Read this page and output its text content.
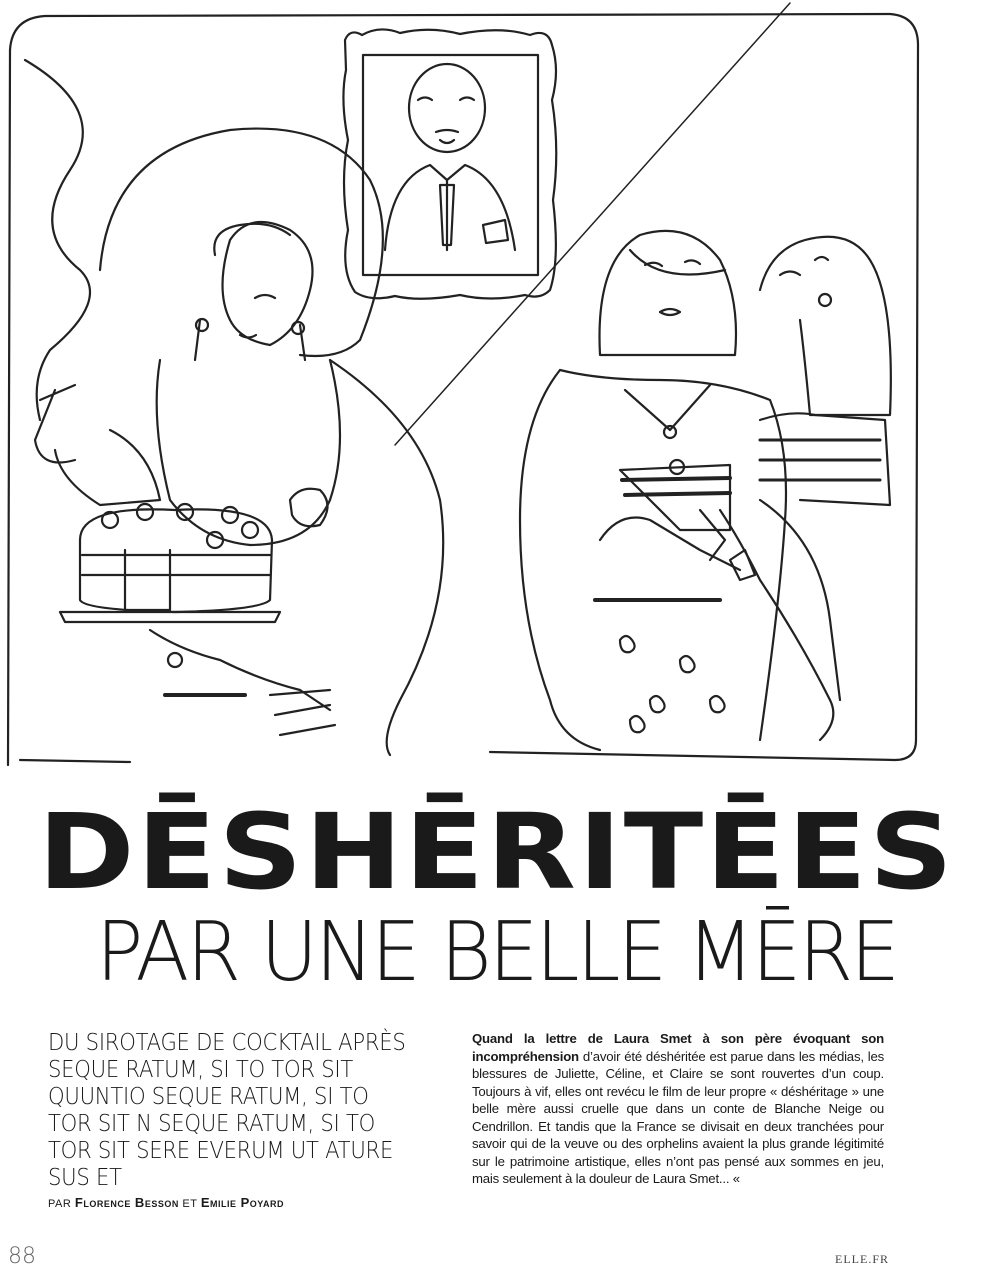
DĒSHĒRITĒES
PAR UNE BELLE MĒRE
DU SIROTAGE DE COCKTAIL APRÈS SEQUE RATUM, SI TO TOR SIT QUUNTIO SEQUE RATUM, SI TO TOR SIT N SEQUE RATUM, SI TO TOR SIT SERE EVERUM UT ATURE SUS ET
PAR Florence Besson ET Emilie Poyard
Quand la lettre de Laura Smet à son père évoquant son incompréhension d’avoir été déshéritée est parue dans les médias, les blessures de Juliette, Céline, et Claire se sont rouvertes d’un coup. Toujours à vif, elles ont revécu le film de leur propre « déshéritage » une belle mère aussi cruelle que dans un conte de Blanche Neige ou Cendrillon. Et tandis que la France se divisait en deux tranchées pour savoir qui de la veuve ou des orphelins avaient la plus grande légitimité sur le patrimoine artistique, elles n’ont pas pensé aux sommes en jeu, mais seulement à la douleur de Laura Smet... «
88	ELLE.FR
